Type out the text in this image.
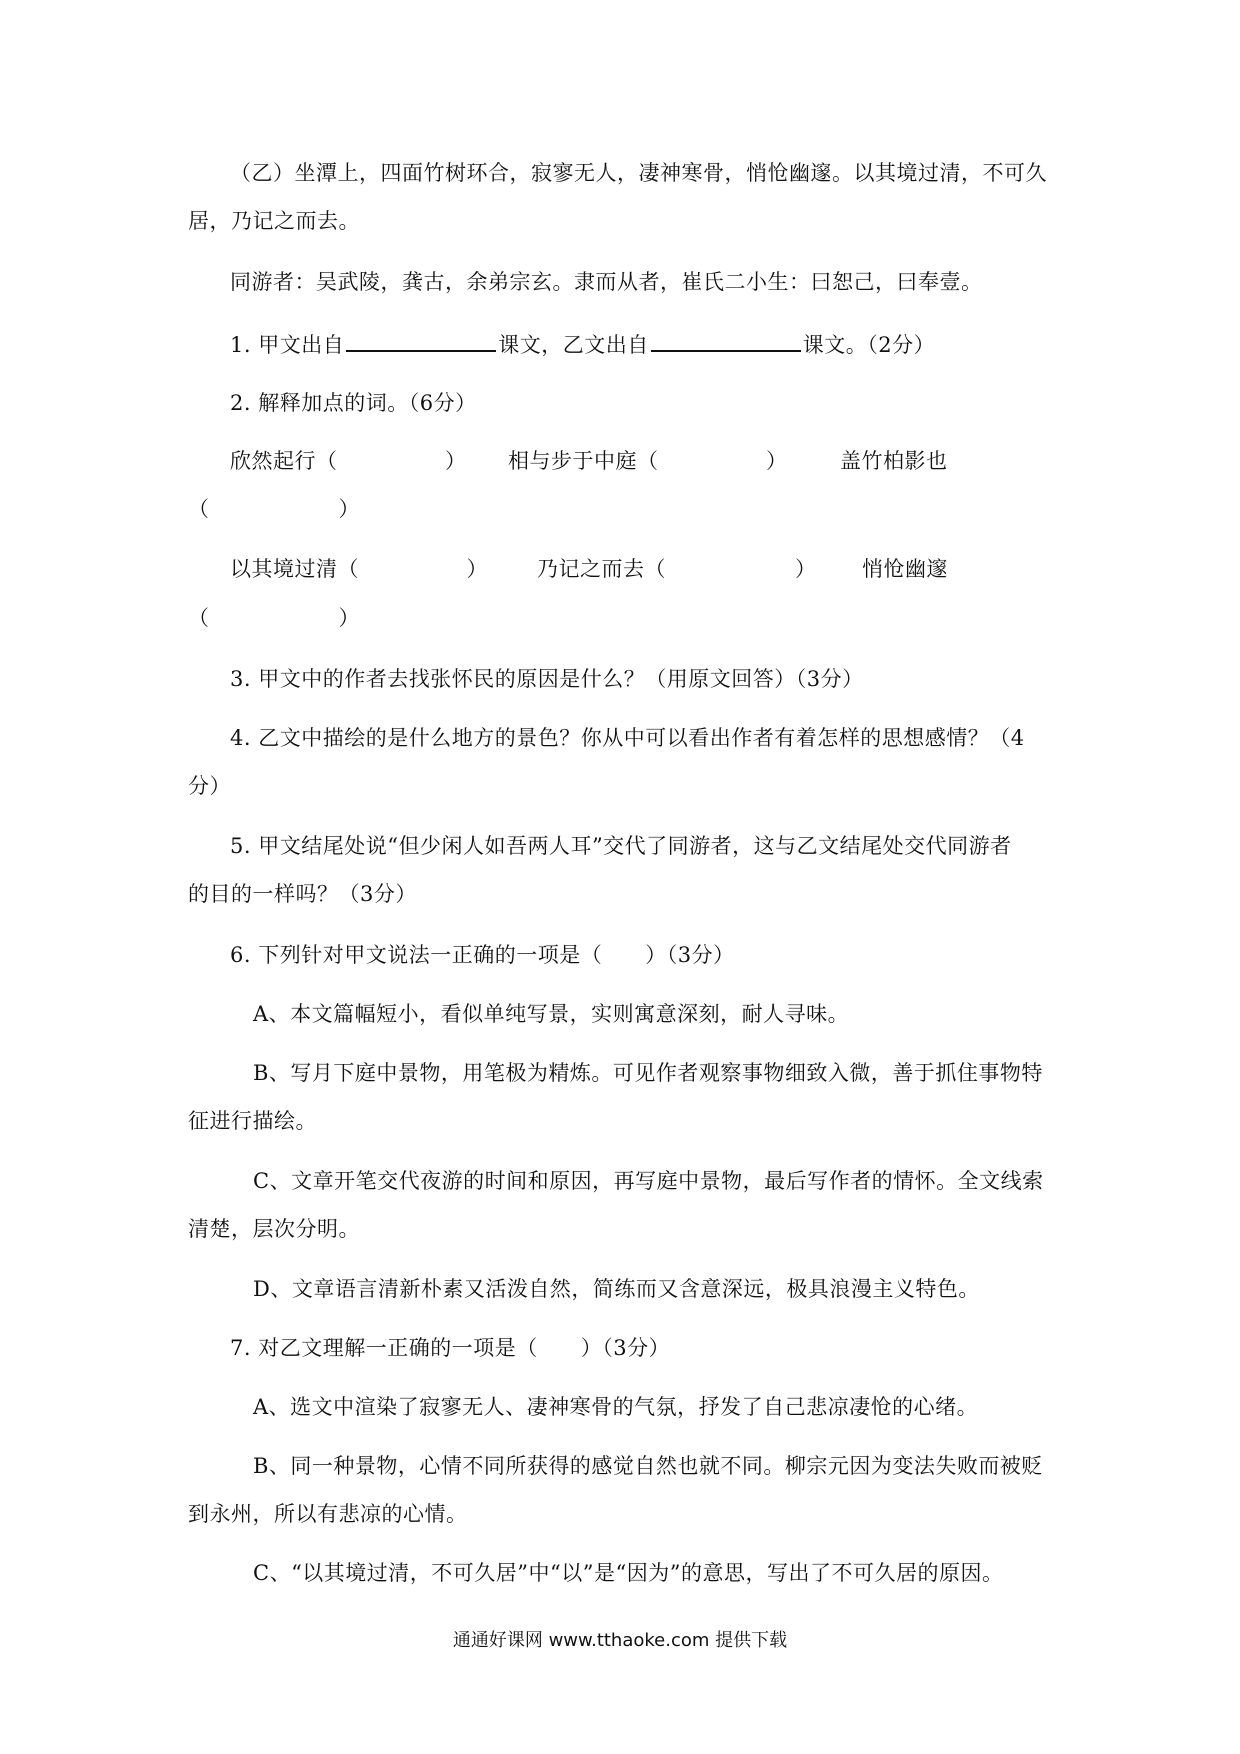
（乙）坐潭上，四面竹树环合，寂寥无人，凄神寒骨，悄怆幽邃。以其境过清，不可久
居，乃记之而去。
同游者：吴武陵，龚古，余弟宗玄。隶而从者，崔氏二小生：曰恕己，曰奉壹。
1. 甲文出自	课文，乙文出自	课文。（2分）
2. 解释加点的词。（6分）
欣然起行（　　　　　） 相与步于中庭（　　　　　）	盖竹柏影也
（　　　　　　）
以其境过清（　　　　　） 乃记之而去（　　　　　　） 悄怆幽邃
（　　　　　　）
3. 甲文中的作者去找张怀民的原因是什么？（用原文回答）（3分）
4. 乙文中描绘的是什么地方的景色？你从中可以看出作者有着怎样的思想感情？（4
分）
5. 甲文结尾处说“但少闲人如吾两人耳”交代了同游者，这与乙文结尾处交代同游者
的目的一样吗？（3分）
6. 下列针对甲文说法一正确的一项是（　　）（3分）
A、本文篇幅短小，看似单纯写景，实则寓意深刻，耐人寻味。
B、写月下庭中景物，用笔极为精炼。可见作者观察事物细致入微，善于抓住事物特
征进行描绘。
C、文章开笔交代夜游的时间和原因，再写庭中景物，最后写作者的情怀。全文线索
清楚，层次分明。
D、文章语言清新朴素又活泼自然，简练而又含意深远，极具浪漫主义特色。
7. 对乙文理解一正确的一项是（　　）（3分）
A、选文中渲染了寂寥无人、凄神寒骨的气氛，抒发了自己悲凉凄怆的心绪。
B、同一种景物，心情不同所获得的感觉自然也就不同。柳宗元因为变法失败而被贬
到永州，所以有悲凉的心情。
C、“以其境过清，不可久居”中“以”是“因为”的意思，写出了不可久居的原因。
通通好课网 www.tthaoke.com 提供下载
